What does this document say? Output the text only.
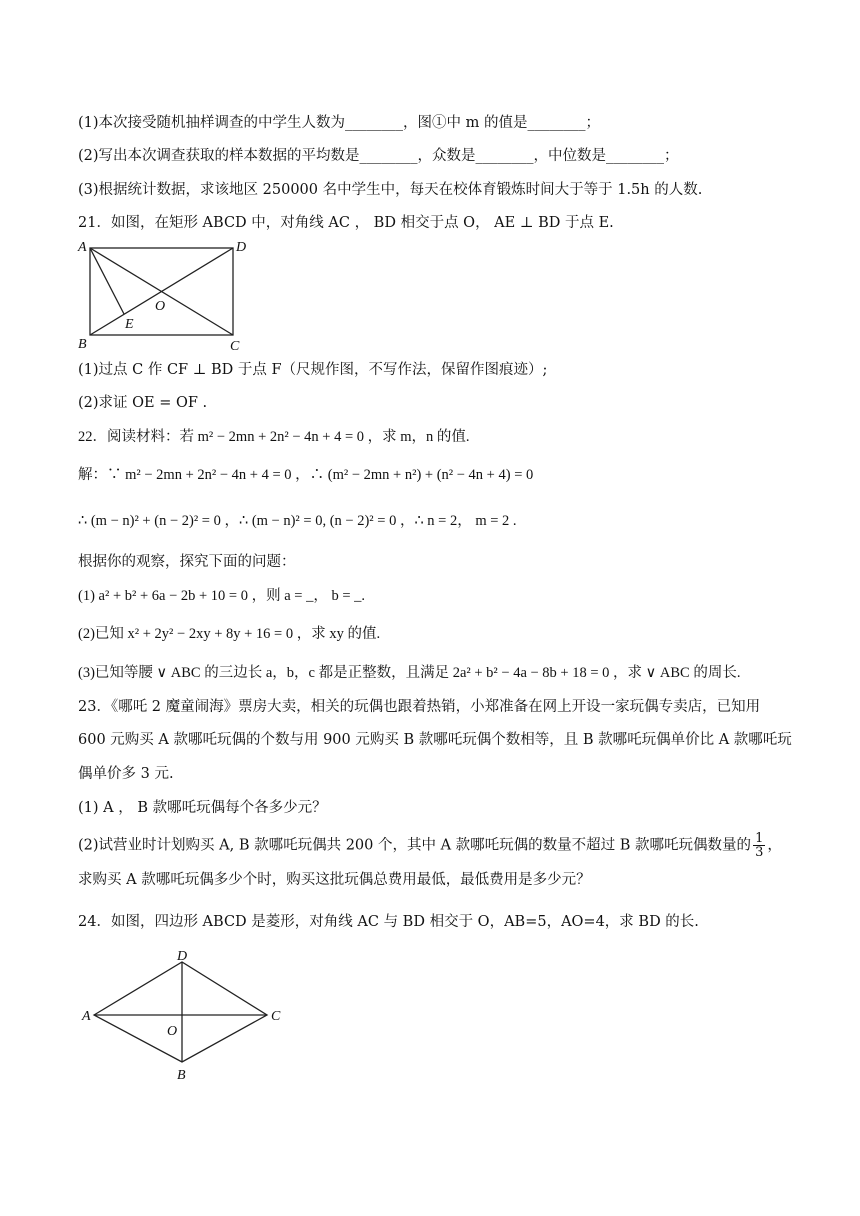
(1)本次接受随机抽样调查的中学生人数为________，图①中 m 的值是________；
(2)写出本次调查获取的样本数据的平均数是________，众数是________，中位数是________；
(3)根据统计数据，求该地区 250000 名中学生中，每天在校体育锻炼时间大于等于 1.5h 的人数.
21．如图，在矩形 ABCD 中，对角线 AC ， BD 相交于点 O， AE ⊥ BD 于点 E.
A	D
B	C
O
E
(1)过点 C 作 CF ⊥ BD 于点 F（尺规作图，不写作法，保留作图痕迹）;
(2)求证 OE = OF .
22．阅读材料：若 m² − 2mn + 2n² − 4n + 4 = 0 ，求 m，n 的值.
解：∵ m² − 2mn + 2n² − 4n + 4 = 0 ，∴ (m² − 2mn + n²) + (n² − 4n + 4) = 0
∴ (m − n)² + (n − 2)² = 0 ，∴ (m − n)² = 0, (n − 2)² = 0 ，∴ n = 2， m = 2 .
根据你的观察，探究下面的问题：
(1) a² + b² + 6a − 2b + 10 = 0 ，则 a = _， b = _.
(2)已知 x² + 2y² − 2xy + 8y + 16 = 0 ，求 xy 的值.
(3)已知等腰 ∨ ABC 的三边长 a，b，c 都是正整数，且满足 2a² + b² − 4a − 8b + 18 = 0 ，求 ∨ ABC 的周长.
23．《哪吒 2 魔童闹海》票房大卖，相关的玩偶也跟着热销，小郑准备在网上开设一家玩偶专卖店，已知用
600 元购买 A 款哪吒玩偶的个数与用 900 元购买 B 款哪吒玩偶个数相等，且 B 款哪吒玩偶单价比 A 款哪吒玩
偶单价多 3 元.
(1) A ， B 款哪吒玩偶每个各多少元？
(2)试营业时计划购买 A, B 款哪吒玩偶共 200 个，其中 A 款哪吒玩偶的数量不超过 B 款哪吒玩偶数量的 $\frac{1}{3}$ ，
求购买 A 款哪吒玩偶多少个时，购买这批玩偶总费用最低，最低费用是多少元？
24．如图，四边形 ABCD 是菱形，对角线 AC 与 BD 相交于 O，AB=5，AO=4，求 BD 的长.
A
D
C
B
O
